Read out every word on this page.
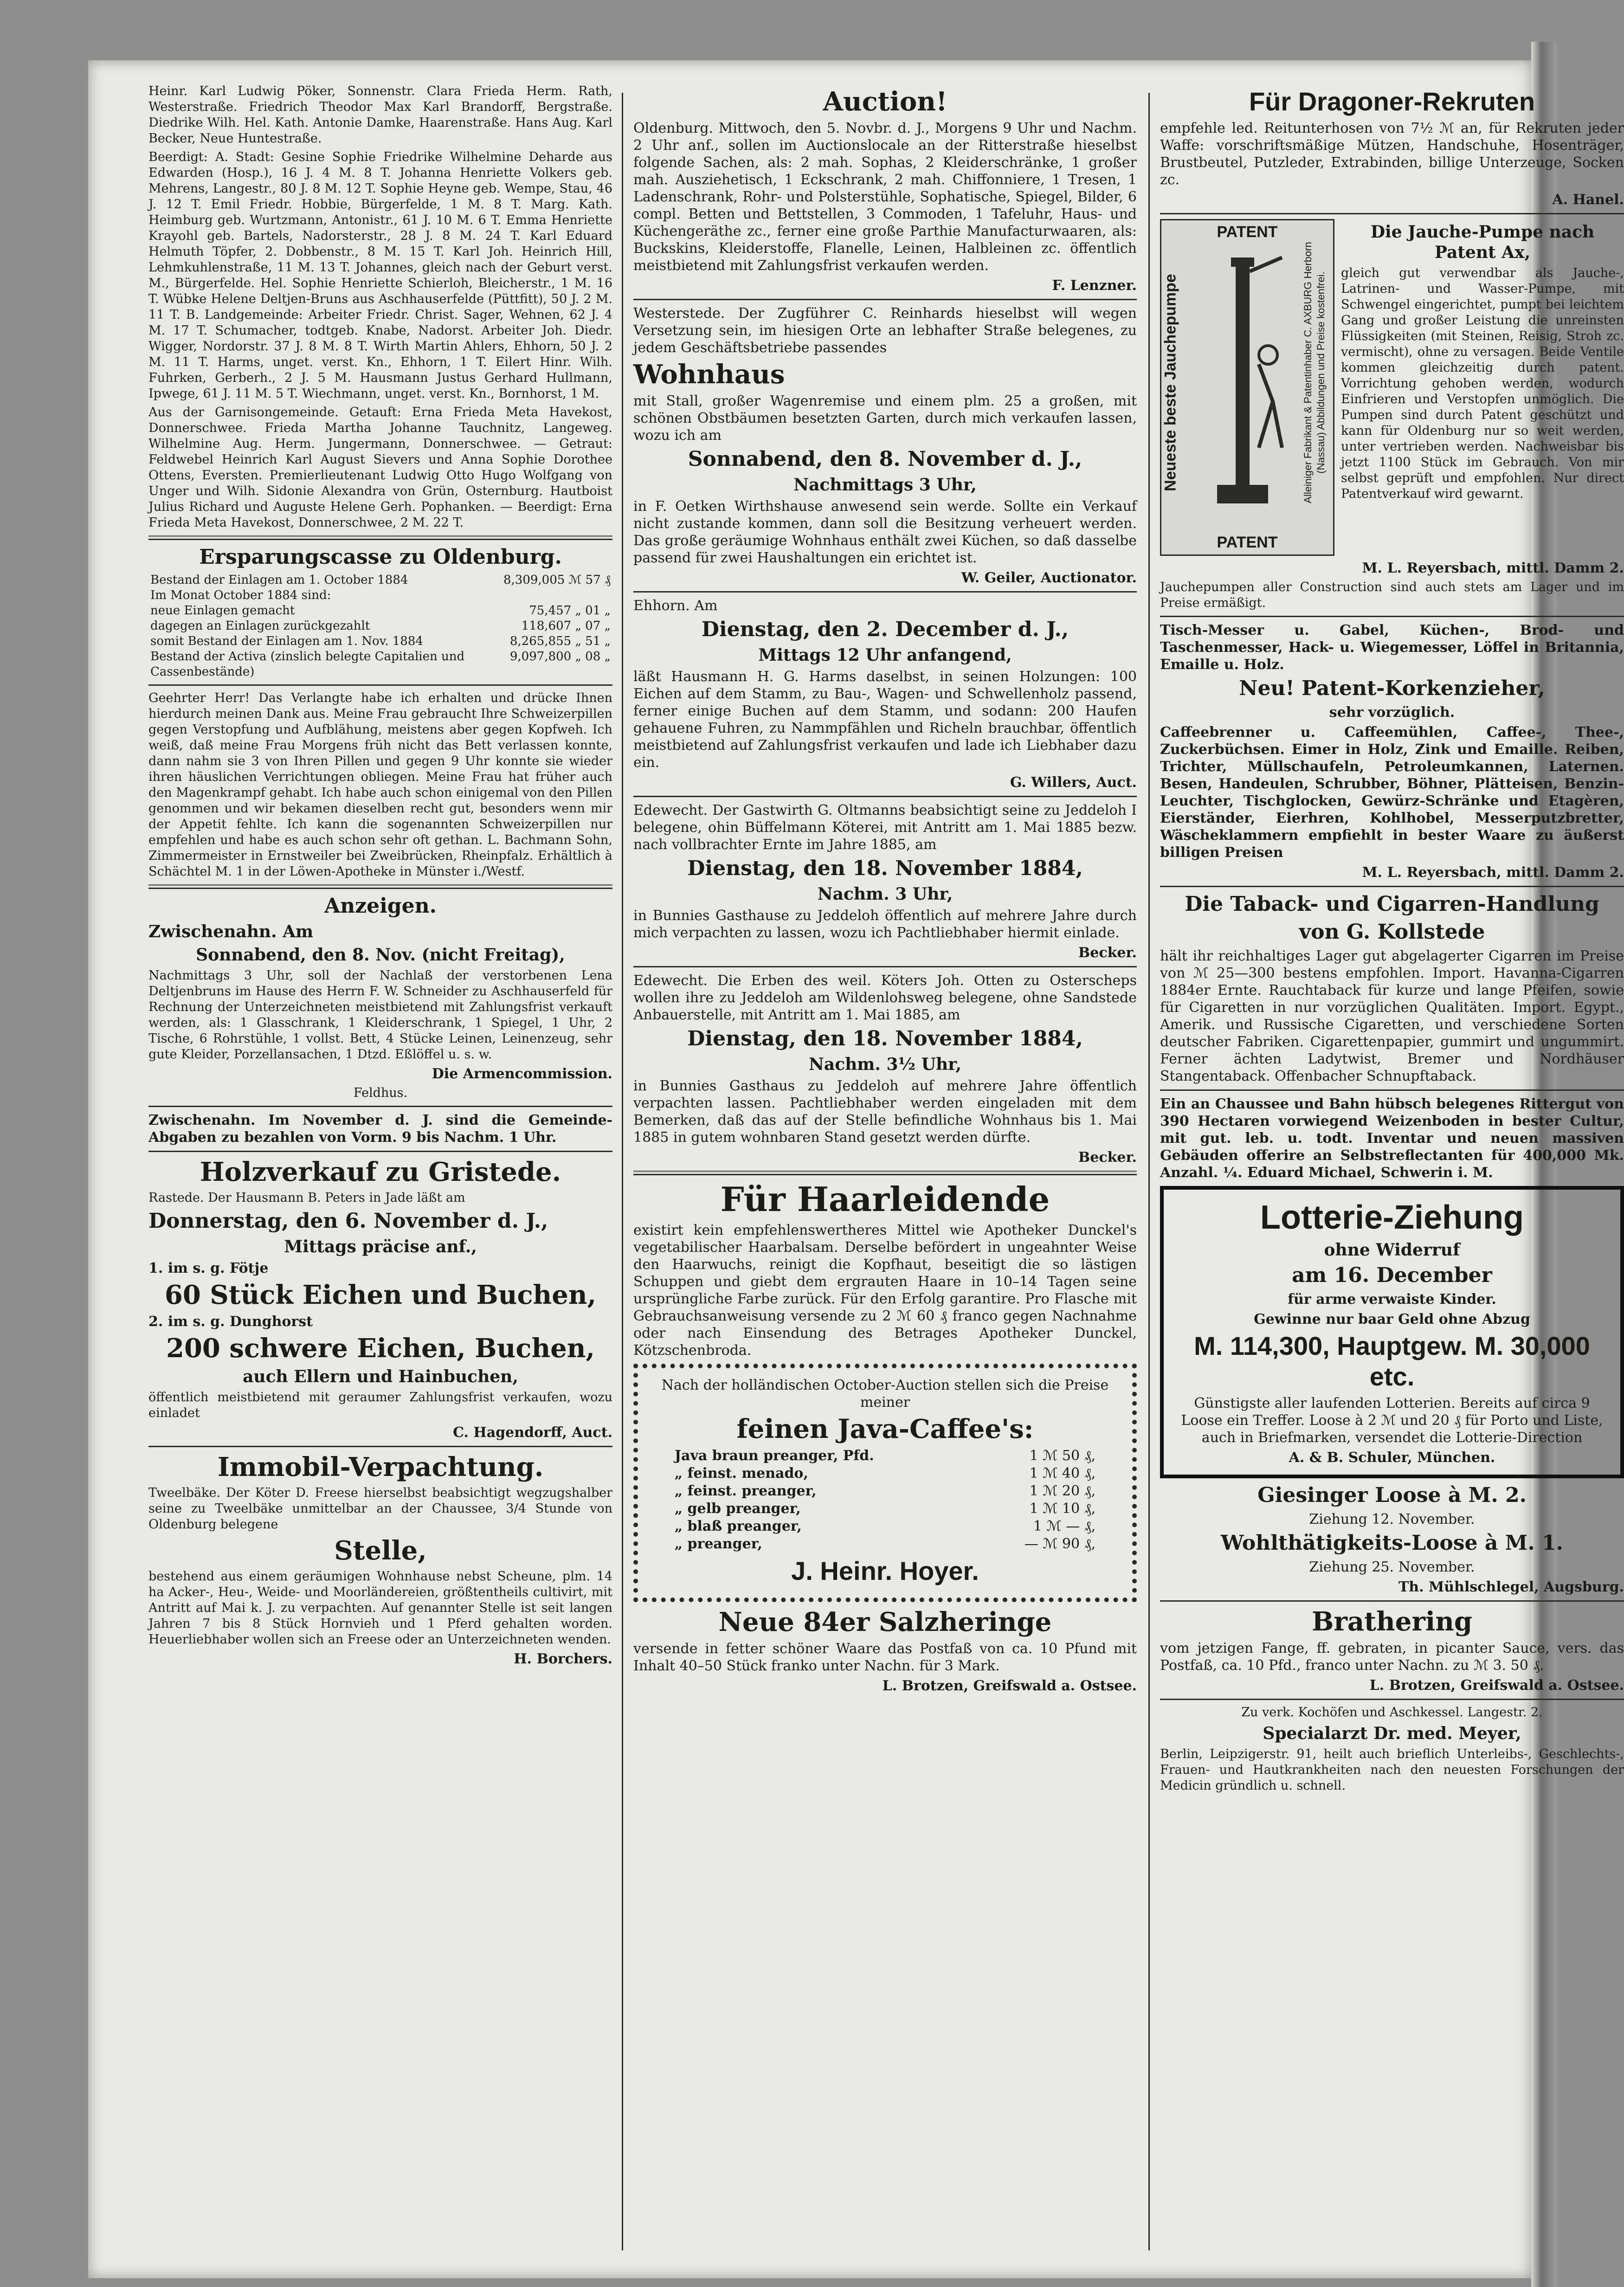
Heinr. Karl Ludwig Pöker, Sonnenstr. Clara Frieda Herm. Rath, Westerstraße. Friedrich Theodor Max Karl Brandorff, Bergstraße. Diedrike Wilh. Hel. Kath. Antonie Damke, Haarenstraße. Hans Aug. Karl Becker, Neue Huntestraße.

Beerdigt: A. Stadt: Gesine Sophie Friedrike Wilhelmine Deharde aus Edwarden (Hosp.), 16 J. 4 M. 8 T. Johanna Henriette Volkers geb. Mehrens, Langestr., 80 J. 8 M. 12 T. Sophie Heyne geb. Wempe, Stau, 46 J. 12 T. Emil Friedr. Hobbie, Bürgerfelde, 1 M. 8 T. Marg. Kath. Heimburg geb. Wurtzmann, Antonistr., 61 J. 10 M. 6 T. Emma Henriette Krayohl geb. Bartels, Nadorsterstr., 28 J. 8 M. 24 T. Karl Eduard Helmuth Töpfer, 2. Dobbenstr., 8 M. 15 T. Karl Joh. Heinrich Hill, Lehmkuhlenstraße, 11 M. 13 T. Johannes, gleich nach der Geburt verst. M., Bürgerfelde. Hel. Sophie Henriette Schierloh, Bleicherstr., 1 M. 16 T. Wübke Helene Deltjen-Bruns aus Aschhauserfelde (Püttfitt), 50 J. 2 M. 11 T. B. Landgemeinde: Arbeiter Friedr. Christ. Sager, Wehnen, 62 J. 4 M. 17 T. Schumacher, todtgeb. Knabe, Nadorst. Arbeiter Joh. Diedr. Wigger, Nordorstr. 37 J. 8 M. 8 T. Wirth Martin Ahlers, Ehhorn, 50 J. 2 M. 11 T. Harms, unget. verst. Kn., Ehhorn, 1 T. Eilert Hinr. Wilh. Fuhrken, Gerberh., 2 J. 5 M. Hausmann Justus Gerhard Hullmann, Ipwege, 61 J. 11 M. 5 T. Wiechmann, unget. verst. Kn., Bornhorst, 1 M.

Aus der Garnisongemeinde. Getauft: Erna Frieda Meta Havekost, Donnerschwee. Frieda Martha Johanne Tauchnitz, Langeweg. Wilhelmine Aug. Herm. Jungermann, Donnerschwee. — Getraut: Feldwebel Heinrich Karl August Sievers und Anna Sophie Dorothee Ottens, Eversten. Premierlieutenant Ludwig Otto Hugo Wolfgang von Unger und Wilh. Sidonie Alexandra von Grün, Osternburg. Hautboist Julius Richard und Auguste Helene Gerh. Pophanken. — Beerdigt: Erna Frieda Meta Havekost, Donnerschwee, 2 M. 22 T.

Ersparungscasse zu Oldenburg.
Bestand der Einlagen am 1. October 1884	8,309,005 ℳ 57 ₰
Im Monat October 1884 sind:	
neue Einlagen gemacht	75,457 „ 01 „
dagegen an Einlagen zurückgezahlt	118,607 „ 07 „
somit Bestand der Einlagen am 1. Nov. 1884	8,265,855 „ 51 „
Bestand der Activa (zinslich belegte Capitalien und Cassenbestände)	9,097,800 „ 08 „

Geehrter Herr! Das Verlangte habe ich erhalten und drücke Ihnen hierdurch meinen Dank aus. Meine Frau gebraucht Ihre Schweizerpillen gegen Verstopfung und Aufblähung, meistens aber gegen Kopfweh. Ich weiß, daß meine Frau Morgens früh nicht das Bett verlassen konnte, dann nahm sie 3 von Ihren Pillen und gegen 9 Uhr konnte sie wieder ihren häuslichen Verrichtungen obliegen. Meine Frau hat früher auch den Magenkrampf gehabt. Ich habe auch schon einigemal von den Pillen genommen und wir bekamen dieselben recht gut, besonders wenn mir der Appetit fehlte. Ich kann die sogenannten Schweizerpillen nur empfehlen und habe es auch schon sehr oft gethan. L. Bachmann Sohn, Zimmermeister in Ernstweiler bei Zweibrücken, Rheinpfalz. Erhältlich à Schächtel M. 1 in der Löwen-Apotheke in Münster i./Westf.

Anzeigen.
Zwischenahn. Am
Sonnabend, den 8. Nov. (nicht Freitag),

Nachmittags 3 Uhr, soll der Nachlaß der verstorbenen Lena Deltjenbruns im Hause des Herrn F. W. Schneider zu Aschhauserfeld für Rechnung der Unterzeichneten meistbietend mit Zahlungsfrist verkauft werden, als: 1 Glasschrank, 1 Kleiderschrank, 1 Spiegel, 1 Uhr, 2 Tische, 6 Rohrstühle, 1 vollst. Bett, 4 Stücke Leinen, Leinenzeug, sehr gute Kleider, Porzellansachen, 1 Dtzd. Eßlöffel u. s. w.

Die Armencommission.

Feldhus.

Zwischenahn. Im November d. J. sind die Gemeinde-Abgaben zu bezahlen von Vorm. 9 bis Nachm. 1 Uhr.

Holzverkauf zu Gristede.

Rastede. Der Hausmann B. Peters in Jade läßt am

Donnerstag, den 6. November d. J.,
Mittags präcise anf.,

1. im s. g. Fötje

60 Stück Eichen und Buchen,

2. im s. g. Dunghorst

200 schwere Eichen, Buchen,
auch Ellern und Hainbuchen,

öffentlich meistbietend mit geraumer Zahlungsfrist verkaufen, wozu einladet

C. Hagendorff, Auct.

Immobil-Verpachtung.

Tweelbäke. Der Köter D. Freese hierselbst beabsichtigt wegzugshalber seine zu Tweelbäke unmittelbar an der Chaussee, 3/4 Stunde von Oldenburg belegene

Stelle,

bestehend aus einem geräumigen Wohnhause nebst Scheune, plm. 14 ha Acker-, Heu-, Weide- und Moorländereien, größtentheils cultivirt, mit Antritt auf Mai k. J. zu verpachten. Auf genannter Stelle ist seit langen Jahren 7 bis 8 Stück Hornvieh und 1 Pferd gehalten worden. Heuerliebhaber wollen sich an Freese oder an Unterzeichneten wenden.

H. Borchers.

Auction!

Oldenburg. Mittwoch, den 5. Novbr. d. J., Morgens 9 Uhr und Nachm. 2 Uhr anf., sollen im Auctionslocale an der Ritterstraße hieselbst folgende Sachen, als: 2 mah. Sophas, 2 Kleiderschränke, 1 großer mah. Ausziehetisch, 1 Eckschrank, 2 mah. Chiffonniere, 1 Tresen, 1 Ladenschrank, Rohr- und Polsterstühle, Sophatische, Spiegel, Bilder, 6 compl. Betten und Bettstellen, 3 Commoden, 1 Tafeluhr, Haus- und Küchengeräthe zc., ferner eine große Parthie Manufacturwaaren, als: Buckskins, Kleiderstoffe, Flanelle, Leinen, Halbleinen zc. öffentlich meistbietend mit Zahlungsfrist verkaufen werden.

F. Lenzner.

Westerstede. Der Zugführer C. Reinhards hieselbst will wegen Versetzung sein, im hiesigen Orte an lebhafter Straße belegenes, zu jedem Geschäftsbetriebe passendes

Wohnhaus

mit Stall, großer Wagenremise und einem plm. 25 a großen, mit schönen Obstbäumen besetzten Garten, durch mich verkaufen lassen, wozu ich am

Sonnabend, den 8. November d. J.,
Nachmittags 3 Uhr,

in F. Oetken Wirthshause anwesend sein werde. Sollte ein Verkauf nicht zustande kommen, dann soll die Besitzung verheuert werden. Das große geräumige Wohnhaus enthält zwei Küchen, so daß dasselbe passend für zwei Haushaltungen ein erichtet ist.

W. Geiler, Auctionator.

Ehhorn. Am

Dienstag, den 2. December d. J.,
Mittags 12 Uhr anfangend,

läßt Hausmann H. G. Harms daselbst, in seinen Holzungen: 100 Eichen auf dem Stamm, zu Bau-, Wagen- und Schwellenholz passend, ferner einige Buchen auf dem Stamm, und sodann: 200 Haufen gehauene Fuhren, zu Nammpfählen und Richeln brauchbar, öffentlich meistbietend auf Zahlungsfrist verkaufen und lade ich Liebhaber dazu ein.

G. Willers, Auct.

Edewecht. Der Gastwirth G. Oltmanns beabsichtigt seine zu Jeddeloh I belegene, ohin Büffelmann Köterei, mit Antritt am 1. Mai 1885 bezw. nach vollbrachter Ernte im Jahre 1885, am

Dienstag, den 18. November 1884,
Nachm. 3 Uhr,

in Bunnies Gasthause zu Jeddeloh öffentlich auf mehrere Jahre durch mich verpachten zu lassen, wozu ich Pachtliebhaber hiermit einlade.

Becker.

Edewecht. Die Erben des weil. Köters Joh. Otten zu Osterscheps wollen ihre zu Jeddeloh am Wildenlohsweg belegene, ohne Sandstede Anbauerstelle, mit Antritt am 1. Mai 1885, am

Dienstag, den 18. November 1884,
Nachm. 3½ Uhr,

in Bunnies Gasthaus zu Jeddeloh auf mehrere Jahre öffentlich verpachten lassen. Pachtliebhaber werden eingeladen mit dem Bemerken, daß das auf der Stelle befindliche Wohnhaus bis 1. Mai 1885 in gutem wohnbaren Stand gesetzt werden dürfte.

Becker.

Für Haarleidende

existirt kein empfehlenswertheres Mittel wie Apotheker Dunckel's vegetabilischer Haarbalsam. Derselbe befördert in ungeahnter Weise den Haarwuchs, reinigt die Kopfhaut, beseitigt die so lästigen Schuppen und giebt dem ergrauten Haare in 10–14 Tagen seine ursprüngliche Farbe zurück. Für den Erfolg garantire. Pro Flasche mit Gebrauchsanweisung versende zu 2 ℳ 60 ₰ franco gegen Nachnahme oder nach Einsendung des Betrages Apotheker Dunckel, Kötzschenbroda.

Nach der holländischen October-Auction stellen sich die Preise meiner

feinen Java-Caffee's:
Java braun preanger, Pfd.	1 ℳ 50 ₰,
„ feinst. menado,	1 ℳ 40 ₰,
„ feinst. preanger,	1 ℳ 20 ₰,
„ gelb preanger,	1 ℳ 10 ₰,
„ blaß preanger,	1 ℳ — ₰,
„ preanger,	— ℳ 90 ₰,
J. Heinr. Hoyer.
Neue 84er Salzheringe

versende in fetter schöner Waare das Postfaß von ca. 10 Pfund mit Inhalt 40–50 Stück franko unter Nachn. für 3 Mark.

L. Brotzen, Greifswald a. Ostsee.

Für Dragoner-Rekruten

empfehle led. Reitunterhosen von 7½ ℳ an, für Rekruten jeder Waffe: vorschriftsmäßige Mützen, Handschuhe, Hosenträger, Brustbeutel, Putzleder, Extrabinden, billige Unterzeuge, Socken zc.

A. Hanel.

PATENT
Neueste beste Jauchepumpe	Alleiniger Fabrikant & Patentinhaber C. AXBURG Herborn (Nassau) Abbildungen und Preise kostenfrei.
PATENT
Die Jauche-Pumpe nach Patent Ax,

gleich gut verwendbar als Jauche-, Latrinen- und Wasser-Pumpe, mit Schwengel eingerichtet, pumpt bei leichtem Gang und großer Leistung die unreinsten Flüssigkeiten (mit Steinen, Reisig, Stroh zc. vermischt), ohne zu versagen. Beide Ventile kommen gleichzeitig durch patent. Vorrichtung gehoben werden, wodurch Einfrieren und Verstopfen unmöglich. Die Pumpen sind durch Patent geschützt und kann für Oldenburg nur so weit werden, unter vertrieben werden. Nachweisbar bis jetzt 1100 Stück im Gebrauch. Von mir selbst geprüft und empfohlen. Nur direct Patentverkauf wird gewarnt.

M. L. Reyersbach, mittl. Damm 2.

Jauchepumpen aller Construction sind auch stets am Lager und im Preise ermäßigt.

Tisch-Messer u. Gabel, Küchen-, Brod- und Taschenmesser, Hack- u. Wiegemesser, Löffel in Britannia, Emaille u. Holz.

Neu! Patent-Korkenzieher,

sehr vorzüglich.

Caffeebrenner u. Caffeemühlen, Caffee-, Thee-, Zuckerbüchsen. Eimer in Holz, Zink und Emaille. Reiben, Trichter, Müllschaufeln, Petroleumkannen, Laternen. Besen, Handeulen, Schrubber, Böhner, Plätteisen, Benzin-Leuchter, Tischglocken, Gewürz-Schränke und Etagèren, Eierständer, Eierhren, Kohlhobel, Messerputzbretter, Wäscheklammern empfiehlt in bester Waare zu äußerst billigen Preisen

M. L. Reyersbach, mittl. Damm 2.

Die Taback- und Cigarren-Handlung
von G. Kollstede

hält ihr reichhaltiges Lager gut abgelagerter Cigarren im Preise von ℳ 25—300 bestens empfohlen. Import. Havanna-Cigarren 1884er Ernte. Rauchtaback für kurze und lange Pfeifen, sowie für Cigaretten in nur vorzüglichen Qualitäten. Import. Egypt., Amerik. und Russische Cigaretten, und verschiedene Sorten deutscher Fabriken. Cigarettenpapier, gummirt und ungummirt. Ferner ächten Ladytwist, Bremer und Nordhäuser Stangentaback. Offenbacher Schnupftaback.

Ein an Chaussee und Bahn hübsch belegenes Rittergut von 390 Hectaren vorwiegend Weizenboden in bester Cultur, mit gut. leb. u. todt. Inventar und neuen massiven Gebäuden offerire an Selbstreflectanten für 400,000 Mk. Anzahl. ¼. Eduard Michael, Schwerin i. M.

Lotterie-Ziehung
ohne Widerruf
am 16. December

für arme verwaiste Kinder.

Gewinne nur baar Geld ohne Abzug

M. 114,300, Hauptgew. M. 30,000 etc.

Günstigste aller laufenden Lotterien. Bereits auf circa 9 Loose ein Treffer. Loose à 2 ℳ und 20 ₰ für Porto und Liste, auch in Briefmarken, versendet die Lotterie-Direction

A. & B. Schuler, München.

Giesinger Loose à M. 2.

Ziehung 12. November.

Wohlthätigkeits-Loose à M. 1.

Ziehung 25. November.

Th. Mühlschlegel, Augsburg.

Brathering

vom jetzigen Fange, ff. gebraten, in picanter Sauce, vers. das Postfaß, ca. 10 Pfd., franco unter Nachn. zu ℳ 3. 50 ₰.

L. Brotzen, Greifswald a. Ostsee.

Zu verk. Kochöfen und Aschkessel. Langestr. 2.

Specialarzt Dr. med. Meyer,

Berlin, Leipzigerstr. 91, heilt auch brieflich Unterleibs-, Geschlechts-, Frauen- und Hautkrankheiten nach den neuesten Forschungen der Medicin gründlich u. schnell.
